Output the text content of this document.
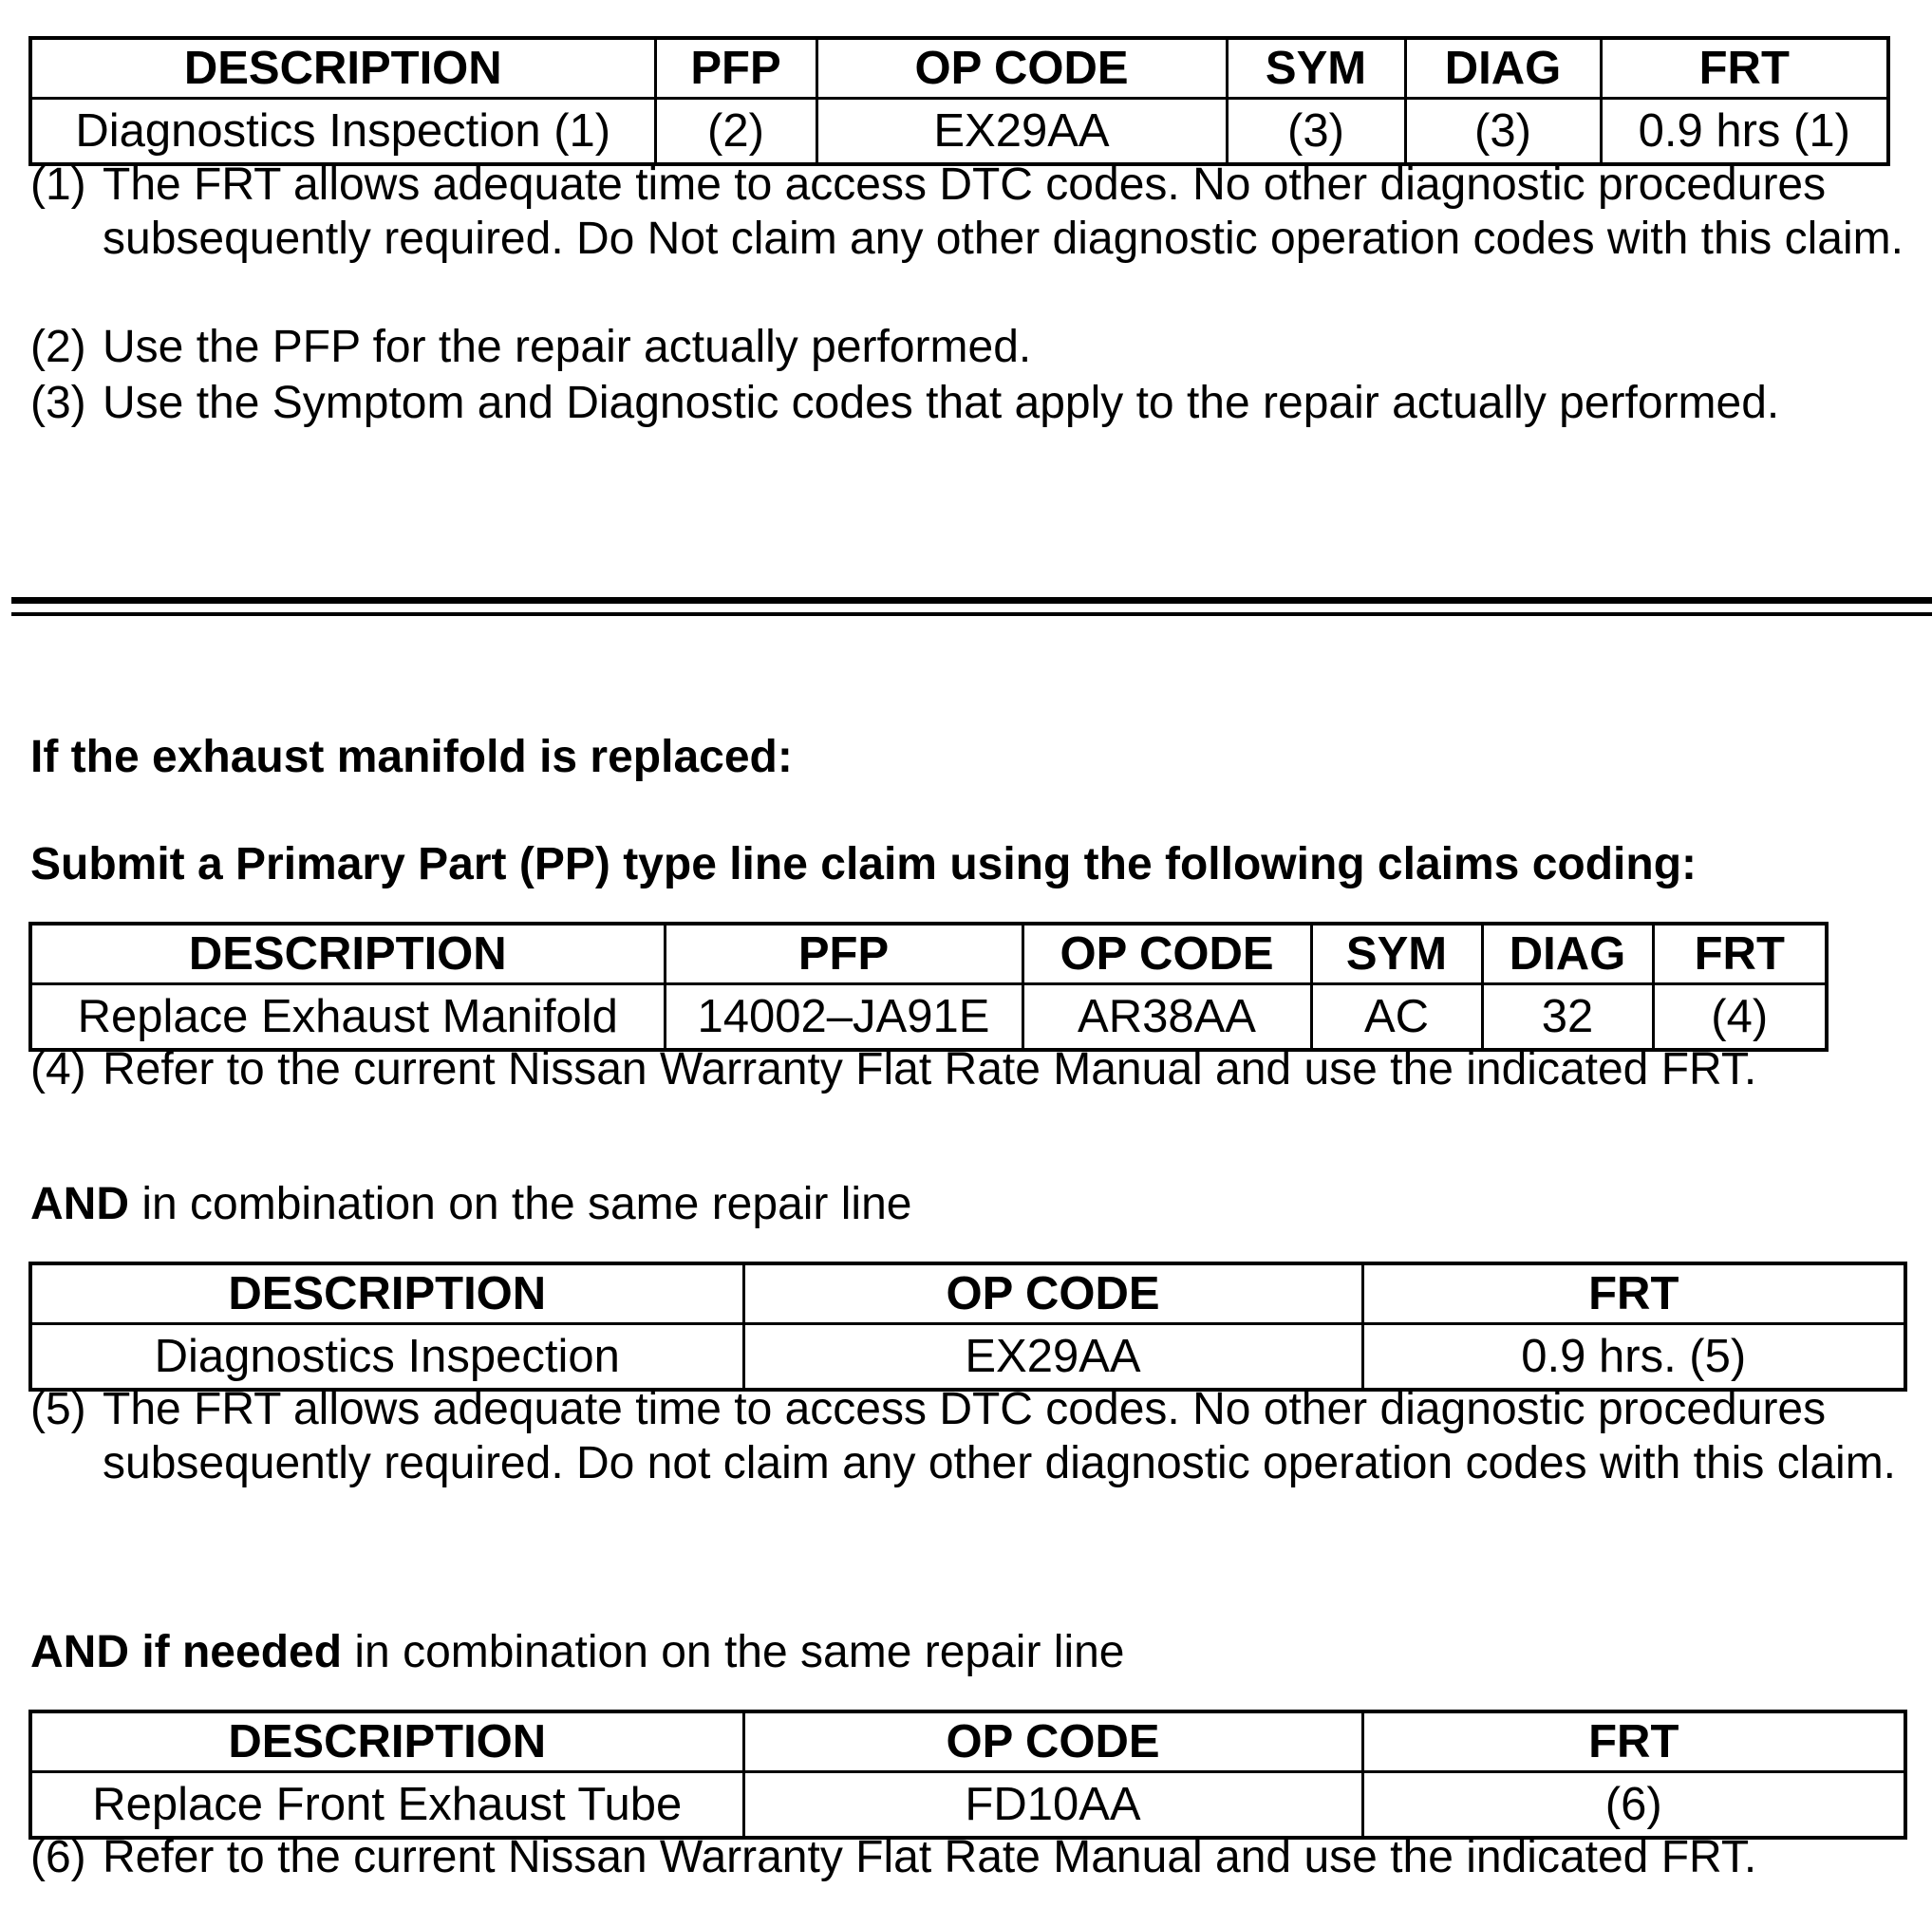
DESCRIPTION	PFP	OP CODE	SYM	DIAG	FRT
Diagnostics Inspection (1)	(2)	EX29AA	(3)	(3)	0.9 hrs (1)
(1) The FRT allows adequate time to access DTC codes. No other diagnostic procedures subsequently required. Do Not claim any other diagnostic operation codes with this claim.
(2) Use the PFP for the repair actually performed.
(3) Use the Symptom and Diagnostic codes that apply to the repair actually performed.

If the exhaust manifold is replaced:

Submit a Primary Part (PP) type line claim using the following claims coding:

DESCRIPTION	PFP	OP CODE	SYM	DIAG	FRT
Replace Exhaust Manifold	14002–JA91E	AR38AA	AC	32	(4)
(4) Refer to the current Nissan Warranty Flat Rate Manual and use the indicated FRT.

AND in combination on the same repair line

DESCRIPTION	OP CODE	FRT
Diagnostics Inspection	EX29AA	0.9 hrs. (5)
(5) The FRT allows adequate time to access DTC codes. No other diagnostic procedures subsequently required. Do not claim any other diagnostic operation codes with this claim.

AND if needed in combination on the same repair line

DESCRIPTION	OP CODE	FRT
Replace Front Exhaust Tube	FD10AA	(6)
(6) Refer to the current Nissan Warranty Flat Rate Manual and use the indicated FRT.
